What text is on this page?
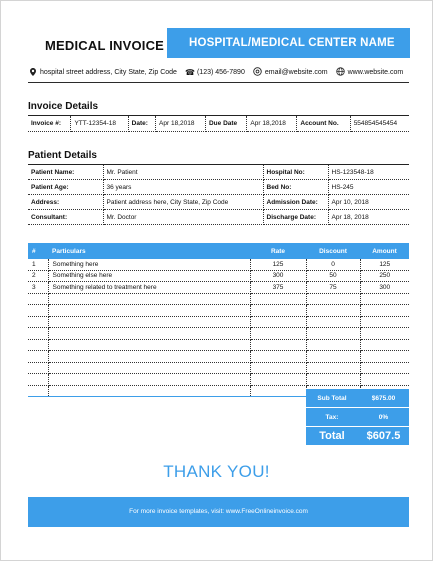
MEDICAL INVOICE HOSPITAL/MEDICAL CENTER NAME
hospital street address, City State, Zip Code ☎ (123) 456-7890	email@website.com	www.website.com
Invoice Details
Invoice #:	YTT-12354-18	Date:	Apr 18,2018	Due Date	Apr 18,2018	Account No.	554854545454
Patient Details
Patient Name:	Mr. Patient	Hospital No:	HS-123548-18
Patient Age:	36 years	Bed No:	HS-245
Address:	Patient address here, City State, Zip Code	Admission Date:	Apr 10, 2018
Consultant:	Mr. Doctor	Discharge Date:	Apr 18, 2018
#	Particulars	Rate	Discount	Amount
1	Something here	125	0	125
2	Something else here	300	50	250
3	Something related to treatment here	375	75	300

Sub Total	$675.00
Tax:	0%
Total	$607.5
THANK YOU!
For more invoice templates, visit: www.FreeOnlineinvoice.com
